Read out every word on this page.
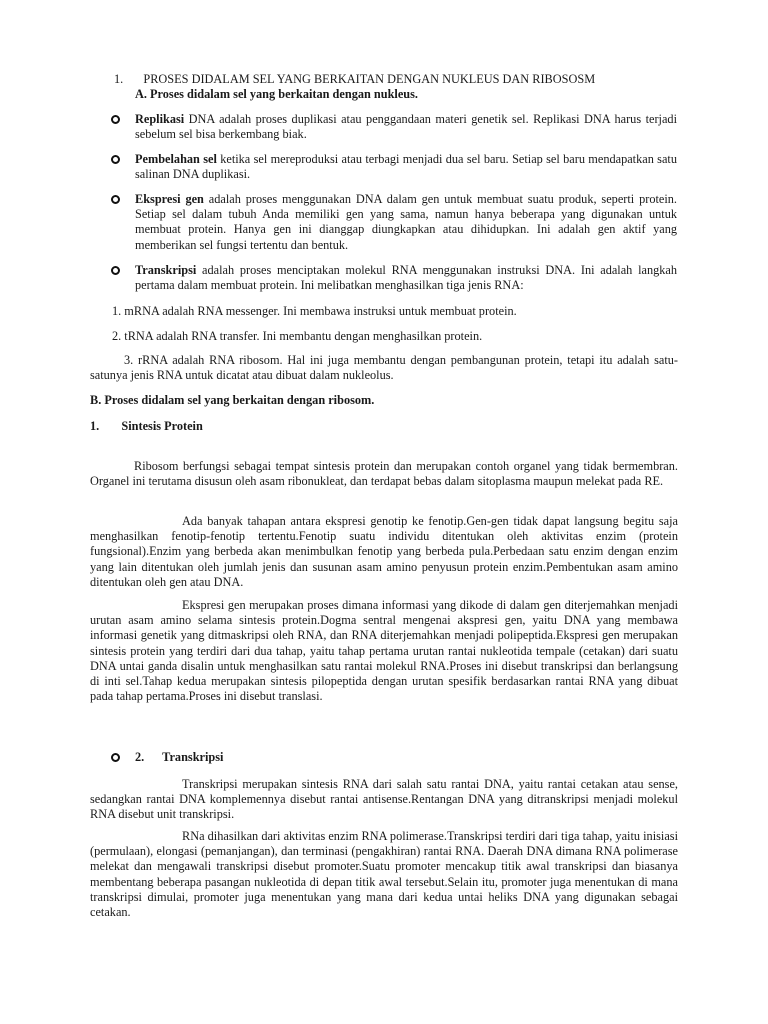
1. PROSES DIDALAM SEL YANG BERKAITAN DENGAN NUKLEUS DAN RIBOSOSM
A. Proses didalam sel yang berkaitan dengan nukleus.
Replikasi DNA adalah proses duplikasi atau penggandaan materi genetik sel. Replikasi DNA harus terjadi sebelum sel bisa berkembang biak.
Pembelahan sel ketika sel mereproduksi atau terbagi menjadi dua sel baru. Setiap sel baru mendapatkan satu salinan DNA duplikasi.
Ekspresi gen adalah proses menggunakan DNA dalam gen untuk membuat suatu produk, seperti protein. Setiap sel dalam tubuh Anda memiliki gen yang sama, namun hanya beberapa yang digunakan untuk membuat protein. Hanya gen ini dianggap diungkapkan atau dihidupkan. Ini adalah gen aktif yang memberikan sel fungsi tertentu dan bentuk.
Transkripsi adalah proses menciptakan molekul RNA menggunakan instruksi DNA. Ini adalah langkah pertama dalam membuat protein. Ini melibatkan menghasilkan tiga jenis RNA:
1. mRNA adalah RNA messenger. Ini membawa instruksi untuk membuat protein.
2. tRNA adalah RNA transfer. Ini membantu dengan menghasilkan protein.
3. rRNA adalah RNA ribosom. Hal ini juga membantu dengan pembangunan protein, tetapi itu adalah satu-satunya jenis RNA untuk dicatat atau dibuat dalam nukleolus.
B. Proses didalam sel yang berkaitan dengan ribosom.
1. Sintesis Protein
Ribosom berfungsi sebagai tempat sintesis protein dan merupakan contoh organel yang tidak bermembran. Organel ini terutama disusun oleh asam ribonukleat, dan terdapat bebas dalam sitoplasma maupun melekat pada RE.
Ada banyak tahapan antara ekspresi genotip ke fenotip.Gen-gen tidak dapat langsung begitu saja menghasilkan fenotip-fenotip tertentu.Fenotip suatu individu ditentukan oleh aktivitas enzim (protein fungsional).Enzim yang berbeda akan menimbulkan fenotip yang berbeda pula.Perbedaan satu enzim dengan enzim yang lain ditentukan oleh jumlah jenis dan susunan asam amino penyusun protein enzim.Pembentukan asam amino ditentukan oleh gen atau DNA.
Ekspresi gen merupakan proses dimana informasi yang dikode di dalam gen diterjemahkan menjadi urutan asam amino selama sintesis protein.Dogma sentral mengenai akspresi gen, yaitu DNA yang membawa informasi genetik yang ditmaskripsi oleh RNA, dan RNA diterjemahkan menjadi polipeptida.Ekspresi gen merupakan sintesis protein yang terdiri dari dua tahap, yaitu tahap pertama urutan rantai nukleotida tempale (cetakan) dari suatu DNA untai ganda disalin untuk menghasilkan satu rantai molekul RNA.Proses ini disebut transkripsi dan berlangsung di inti sel.Tahap kedua merupakan sintesis pilopeptida dengan urutan spesifik berdasarkan rantai RNA yang dibuat pada tahap pertama.Proses ini disebut translasi.
2. Transkripsi
Transkripsi merupakan sintesis RNA dari salah satu rantai DNA, yaitu rantai cetakan atau sense, sedangkan rantai DNA komplemennya disebut rantai antisense.Rentangan DNA yang ditranskripsi menjadi molekul RNA disebut unit transkripsi.
RNa dihasilkan dari aktivitas enzim RNA polimerase.Transkripsi terdiri dari tiga tahap, yaitu inisiasi (permulaan), elongasi (pemanjangan), dan terminasi (pengakhiran) rantai RNA. Daerah DNA dimana RNA polimerase melekat dan mengawali transkripsi disebut promoter.Suatu promoter mencakup titik awal transkripsi dan biasanya membentang beberapa pasangan nukleotida di depan titik awal tersebut.Selain itu, promoter juga menentukan di mana transkripsi dimulai, promoter juga menentukan yang mana dari kedua untai heliks DNA yang digunakan sebagai cetakan.
